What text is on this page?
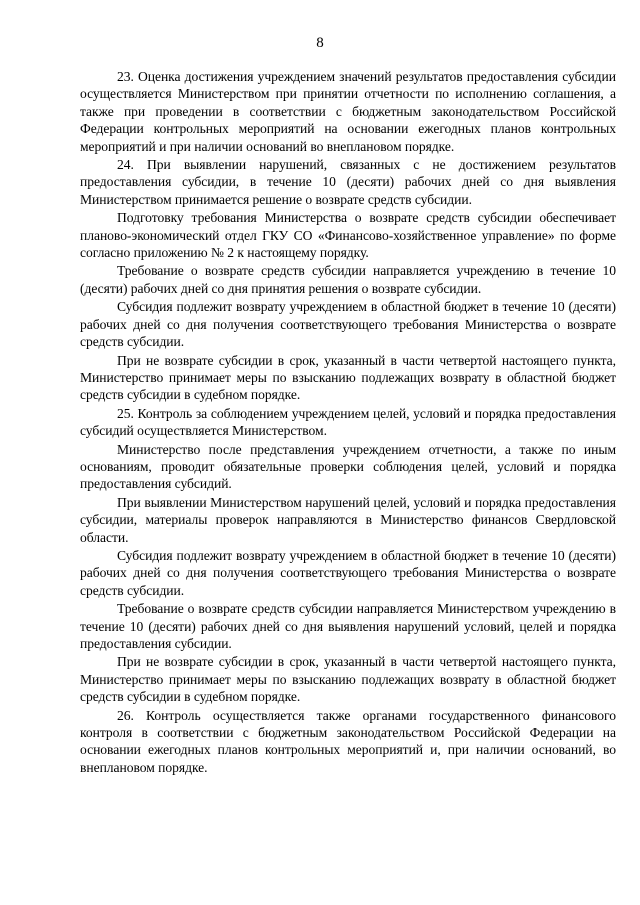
8

23. Оценка достижения учреждением значений результатов предоставления субсидии осуществляется Министерством при принятии отчетности по исполнению соглашения, а также при проведении в соответствии с бюджетным законодательством Российской Федерации контрольных мероприятий на основании ежегодных планов контрольных мероприятий и при наличии оснований во внеплановом порядке.

24. При выявлении нарушений, связанных с не достижением результатов предоставления субсидии, в течение 10 (десяти) рабочих дней со дня выявления Министерством принимается решение о возврате средств субсидии.

Подготовку требования Министерства о возврате средств субсидии обеспечивает планово-экономический отдел ГКУ СО «Финансово-хозяйственное управление» по форме согласно приложению № 2 к настоящему порядку.

Требование о возврате средств субсидии направляется учреждению в течение 10 (десяти) рабочих дней со дня принятия решения о возврате субсидии.

Субсидия подлежит возврату учреждением в областной бюджет в течение 10 (десяти) рабочих дней со дня получения соответствующего требования Министерства о возврате средств субсидии.

При не возврате субсидии в срок, указанный в части четвертой настоящего пункта, Министерство принимает меры по взысканию подлежащих возврату в областной бюджет средств субсидии в судебном порядке.

25. Контроль за соблюдением учреждением целей, условий и порядка предоставления субсидий осуществляется Министерством.

Министерство после представления учреждением отчетности, а также по иным основаниям, проводит обязательные проверки соблюдения целей, условий и порядка предоставления субсидий.

При выявлении Министерством нарушений целей, условий и порядка предоставления субсидии, материалы проверок направляются в Министерство финансов Свердловской области.

Субсидия подлежит возврату учреждением в областной бюджет в течение 10 (десяти) рабочих дней со дня получения соответствующего требования Министерства о возврате средств субсидии.

Требование о возврате средств субсидии направляется Министерством учреждению в течение 10 (десяти) рабочих дней со дня выявления нарушений условий, целей и порядка предоставления субсидии.

При не возврате субсидии в срок, указанный в части четвертой настоящего пункта, Министерство принимает меры по взысканию подлежащих возврату в областной бюджет средств субсидии в судебном порядке.

26. Контроль осуществляется также органами государственного финансового контроля в соответствии с бюджетным законодательством Российской Федерации на основании ежегодных планов контрольных мероприятий и, при наличии оснований, во внеплановом порядке.
